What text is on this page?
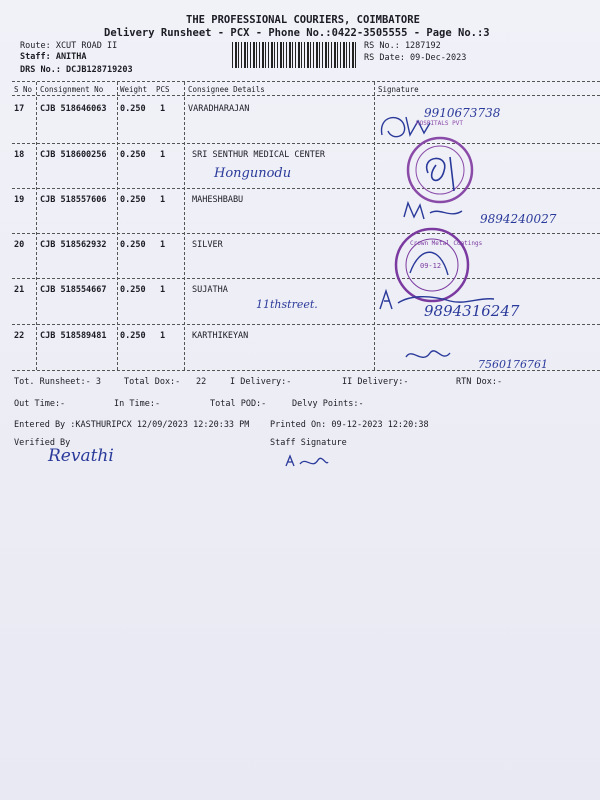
THE PROFESSIONAL COURIERS, COIMBATORE
Delivery Runsheet - PCX - Phone No.:0422-3505555 - Page No.:3
Route: XCUT ROAD II
Staff: ANITHA
DRS No.: DCJB128719203
RS No.: 1287192
RS Date: 09-Dec-2023
S No Consignment No Weight PCS Consignee Details	Signature
17 CJB 518646063 0.250 1	VARADHARAJAN
18 CJB 518600256 0.250 1	SRI SENTHUR MEDICAL CENTER
Hongunodu
19 CJB 518557606 0.250 1	MAHESHBABU
20 CJB 518562932 0.250 1	SILVER
21 CJB 518554667 0.250 1	SUJATHA
11thstreet.
22 CJB 518589481 0.250 1	KARTHIKEYAN
9910673738
HOSPITALS PVT
9894240027
Crown Metal Coatings
09-12
9894316247
7560176761
Tot. Runsheet:- 3	Total Dox:- 22	I Delivery:-	II Delivery:-	RTN Dox:-
Out Time:-	In Time:-	Total POD:-	Delvy Points:-
Entered By :KASTHURIPCX 12/09/2023 12:20:33 PM Printed On: 09-12-2023 12:20:38
Verified By
Revathi
Staff Signature
